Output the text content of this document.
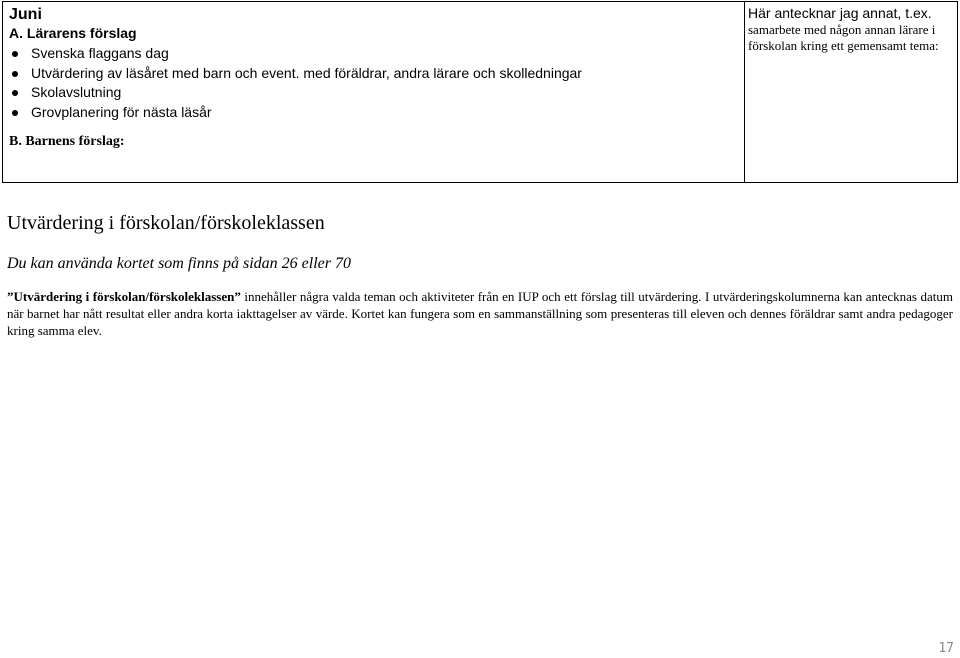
Juni
A. Lärarens förslag
Svenska flaggans dag
Utvärdering av läsåret med barn och event. med föräldrar, andra lärare och skolledningar
Skolavslutning
Grovplanering för nästa läsår
B. Barnens förslag:
Här antecknar jag annat, t.ex.
samarbete med någon annan lärare i förskolan kring ett gemensamt tema:
Utvärdering i förskolan/förskoleklassen
Du kan använda kortet som finns på sidan 26 eller 70
”Utvärdering i förskolan/förskoleklassen” innehåller några valda teman och aktiviteter från en IUP och ett förslag till utvärdering. I utvärderingskolumnerna kan antecknas datum när barnet har nått resultat eller andra korta iakttagelser av värde. Kortet kan fungera som en sammanställning som presenteras till eleven och dennes föräldrar samt andra pedagoger kring samma elev.
17
